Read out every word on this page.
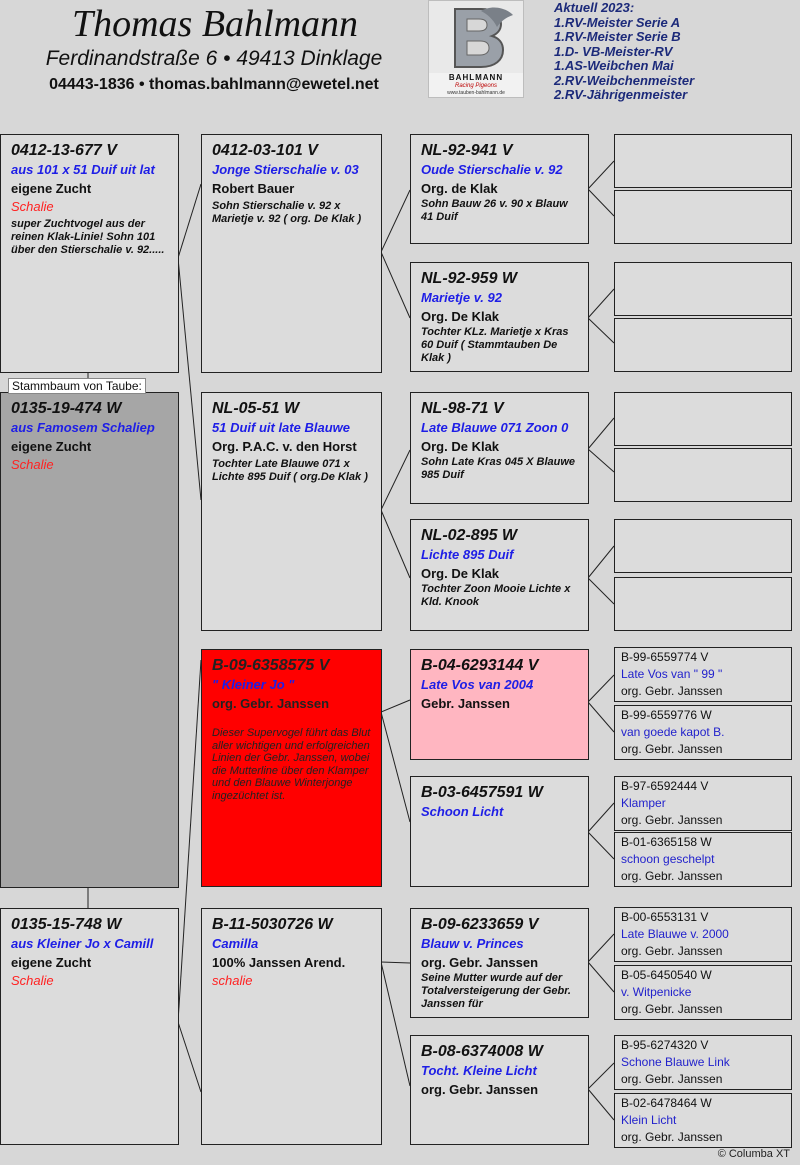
Thomas Bahlmann
Ferdinandstraße 6 • 49413 Dinklage
04443-1836 • thomas.bahlmann@ewetel.net	BAHLMANN
Racing Pigeons
www.tauben-bahlmann.de
Aktuell 2023:
1.RV-Meister Serie A
1.RV-Meister Serie B
1.D- VB-Meister-RV
1.AS-Weibchen Mai
2.RV-Weibchenmeister
2.RV-Jährigenmeister
0412-13-677 V
aus 101 x 51 Duif uit lat
eigene Zucht
Schalie
super Zuchtvogel aus der reinen Klak-Linie! Sohn 101 über den Stierschalie v. 92.....
0135-19-474 W
aus Famosem Schaliep
eigene Zucht
Schalie
Stammbaum von Taube:
0135-15-748 W
aus Kleiner Jo x Camill
eigene Zucht
Schalie
0412-03-101 V
Jonge Stierschalie v. 03
Robert Bauer
Sohn Stierschalie v. 92 x Marietje v. 92 ( org. De Klak )
NL-05-51 W
51 Duif uit late Blauwe
Org. P.A.C. v. den Horst
Tochter Late Blauwe 071 x Lichte 895 Duif ( org.De Klak )
B-09-6358575 V
" Kleiner Jo "
org. Gebr. Janssen
Dieser Supervogel führt das Blut aller wichtigen und erfolgreichen Linien der Gebr. Janssen, wobei die Mutterline über den Klamper und den Blauwe Winterjonge ingezüchtet ist.
B-11-5030726 W
Camilla
100% Janssen Arend.
schalie
NL-92-941 V
Oude Stierschalie v. 92
Org. de Klak
Sohn Bauw 26 v. 90 x Blauw 41 Duif
NL-92-959 W
Marietje v. 92
Org. De Klak
Tochter KLz. Marietje x Kras 60 Duif ( Stammtauben De Klak )
NL-98-71 V
Late Blauwe 071 Zoon 0
Org. De Klak
Sohn Late Kras 045 X Blauwe 985 Duif
NL-02-895 W
Lichte 895 Duif
Org. De Klak
Tochter Zoon Mooie Lichte x Kld. Knook
B-04-6293144 V
Late Vos van 2004
Gebr. Janssen
B-03-6457591 W
Schoon Licht
B-09-6233659 V
Blauw v. Princes
org. Gebr. Janssen
Seine Mutter wurde auf der Totalversteigerung der Gebr. Janssen für
B-08-6374008 W
Tocht. Kleine Licht
org. Gebr. Janssen
B-99-6559774 V
Late Vos van " 99 "
org. Gebr. Janssen
B-99-6559776 W
van goede kapot B.
org. Gebr. Janssen
B-97-6592444 V
Klamper
org. Gebr. Janssen
B-01-6365158 W
schoon geschelpt
org. Gebr. Janssen
B-00-6553131 V
Late Blauwe v. 2000
org. Gebr. Janssen
B-05-6450540 W
v. Witpenicke
org. Gebr. Janssen
B-95-6274320 V
Schone Blauwe Link
org. Gebr. Janssen
B-02-6478464 W
Klein Licht
org. Gebr. Janssen
© Columba XT
